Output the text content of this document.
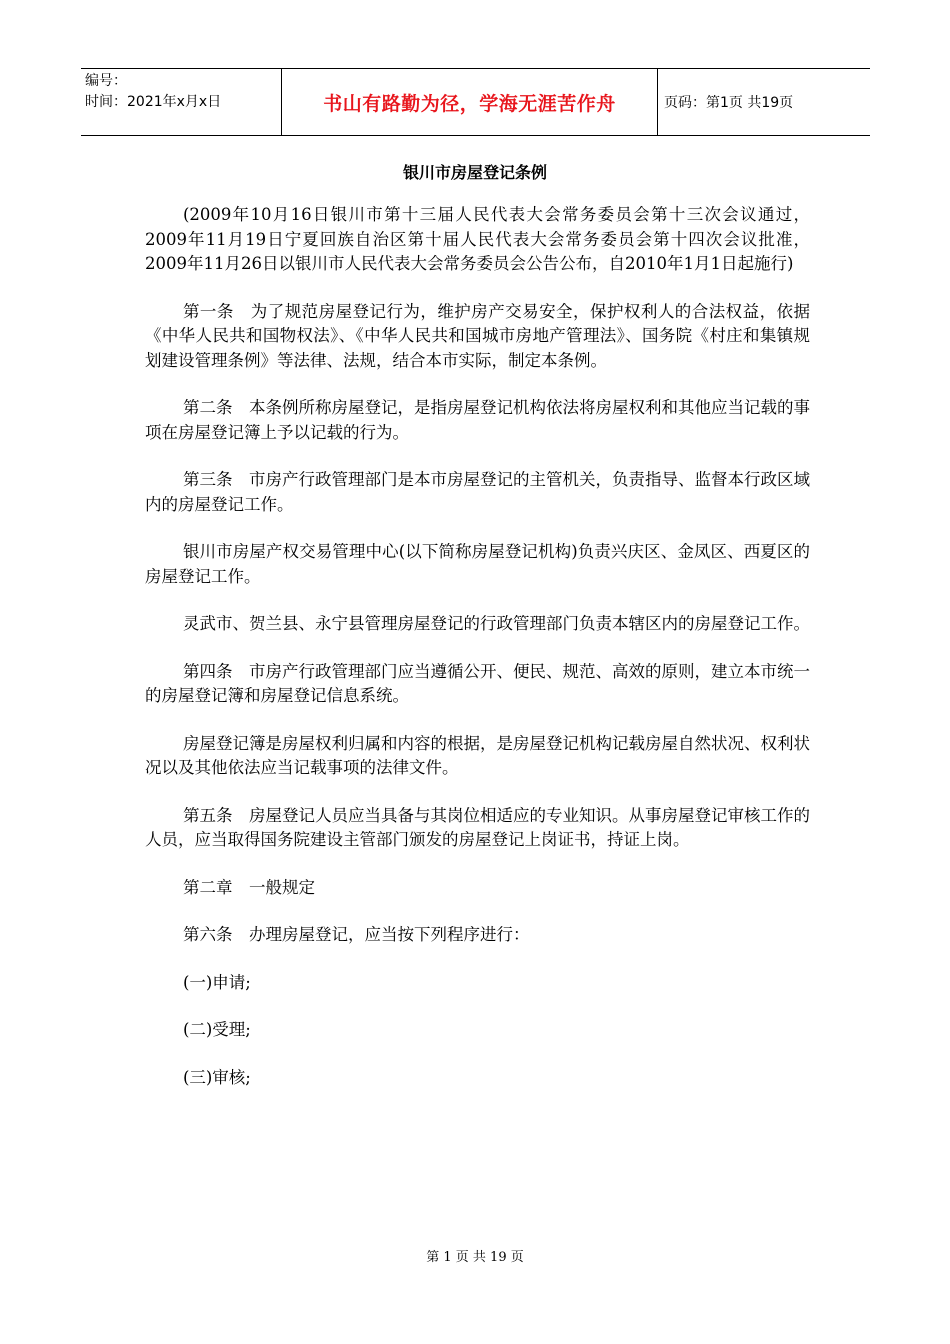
编号：
时间：2021年x月x日	书山有路勤为径，学海无涯苦作舟	页码：第1页 共19页
银川市房屋登记条例

(2009年10月16日银川市第十三届人民代表大会常务委员会第十三次会议通过，2009年11月19日宁夏回族自治区第十届人民代表大会常务委员会第十四次会议批准，2009年11月26日以银川市人民代表大会常务委员会公告公布，自2010年1月1日起施行)

第一条　为了规范房屋登记行为，维护房产交易安全，保护权利人的合法权益，依据《中华人民共和国物权法》、《中华人民共和国城市房地产管理法》、国务院《村庄和集镇规划建设管理条例》等法律、法规，结合本市实际，制定本条例。

第二条　本条例所称房屋登记，是指房屋登记机构依法将房屋权利和其他应当记载的事项在房屋登记簿上予以记载的行为。

第三条　市房产行政管理部门是本市房屋登记的主管机关，负责指导、监督本行政区域内的房屋登记工作。

银川市房屋产权交易管理中心(以下简称房屋登记机构)负责兴庆区、金凤区、西夏区的房屋登记工作。

灵武市、贺兰县、永宁县管理房屋登记的行政管理部门负责本辖区内的房屋登记工作。

第四条　市房产行政管理部门应当遵循公开、便民、规范、高效的原则，建立本市统一的房屋登记簿和房屋登记信息系统。

房屋登记簿是房屋权利归属和内容的根据，是房屋登记机构记载房屋自然状况、权利状况以及其他依法应当记载事项的法律文件。

第五条　房屋登记人员应当具备与其岗位相适应的专业知识。从事房屋登记审核工作的人员，应当取得国务院建设主管部门颁发的房屋登记上岗证书，持证上岗。

第二章　一般规定

第六条　办理房屋登记，应当按下列程序进行：

(一)申请;

(二)受理;

(三)审核;

第 1 页 共 19 页
